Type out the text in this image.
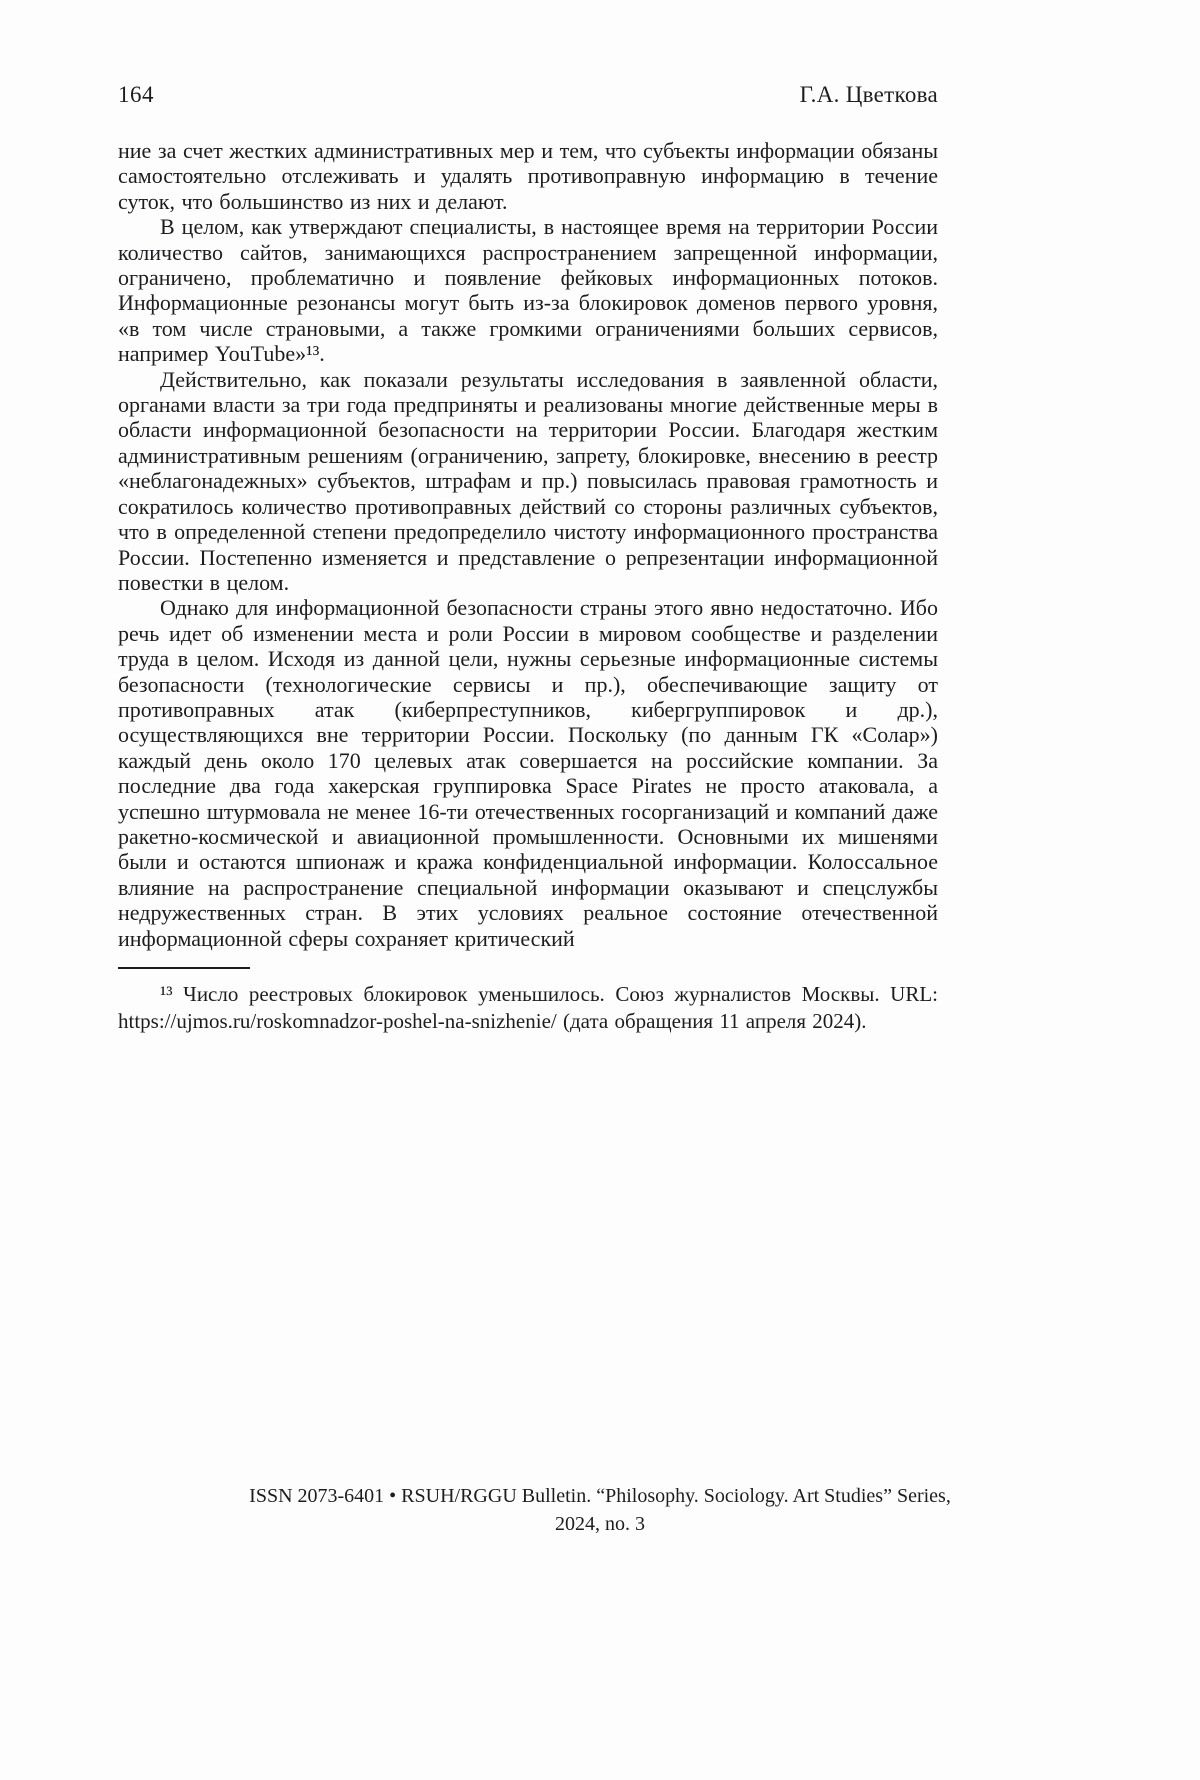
164	Г.А. Цветкова

ние за счет жестких административных мер и тем, что субъекты информации обязаны самостоятельно отслеживать и удалять противоправную информацию в течение суток, что большинство из них и делают.

В целом, как утверждают специалисты, в настоящее время на территории России количество сайтов, занимающихся распространением запрещенной информации, ограничено, проблематично и появление фейковых информационных потоков. Информационные резонансы могут быть из-за блокировок доменов первого уровня, «в том числе страновыми, а также громкими ограничениями больших сервисов, например YouTube»¹³.

Действительно, как показали результаты исследования в заявленной области, органами власти за три года предприняты и реализованы многие действенные меры в области информационной безопасности на территории России. Благодаря жестким административным решениям (ограничению, запрету, блокировке, внесению в реестр «неблагонадежных» субъектов, штрафам и пр.) повысилась правовая грамотность и сократилось количество противоправных действий со стороны различных субъектов, что в определенной степени предопределило чистоту информационного пространства России. Постепенно изменяется и представление о репрезентации информационной повестки в целом.

Однако для информационной безопасности страны этого явно недостаточно. Ибо речь идет об изменении места и роли России в мировом сообществе и разделении труда в целом. Исходя из данной цели, нужны серьезные информационные системы безопасности (технологические сервисы и пр.), обеспечивающие защиту от противоправных атак (киберпреступников, кибергруппировок и др.), осуществляющихся вне территории России. Поскольку (по данным ГК «Солар») каждый день около 170 целевых атак совершается на российские компании. За последние два года хакерская группировка Space Pirates не просто атаковала, а успешно штурмовала не менее 16-ти отечественных госорганизаций и компаний даже ракетно-космической и авиационной промышленности. Основными их мишенями были и остаются шпионаж и кража конфиденциальной информации. Колоссальное влияние на распространение специальной информации оказывают и спецслужбы недружественных стран. В этих условиях реальное состояние отечественной информационной сферы сохраняет критический

¹³ Число реестровых блокировок уменьшилось. Союз журналистов Москвы. URL: https://ujmos.ru/roskomnadzor-poshel-na-snizhenie/ (дата обращения 11 апреля 2024).

ISSN 2073-6401 • RSUH/RGGU Bulletin. “Philosophy. Sociology. Art Studies” Series,
2024, no. 3
